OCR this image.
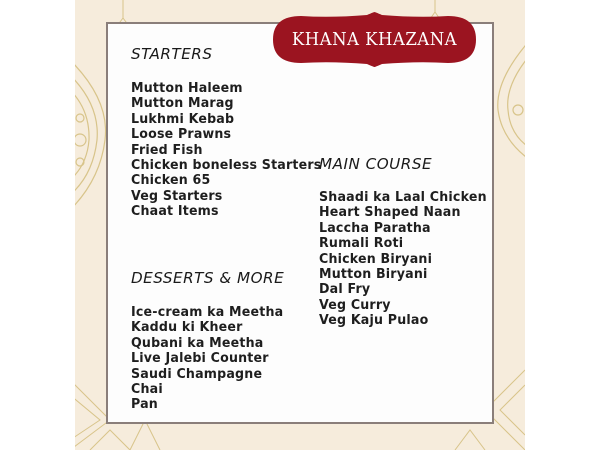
STARTERS
Mutton Haleem
Mutton Marag
Lukhmi Kebab
Loose Prawns
Fried Fish
Chicken boneless Starters
Chicken 65
Veg Starters
Chaat Items
MAIN COURSE
Shaadi ka Laal Chicken
Heart Shaped Naan
Laccha Paratha
Rumali Roti
Chicken Biryani
Mutton Biryani
Dal Fry
Veg Curry
Veg Kaju Pulao
DESSERTS & MORE
Ice-cream ka Meetha
Kaddu ki Kheer
Qubani ka Meetha
Live Jalebi Counter
Saudi Champagne
Chai
Pan
KHANA KHAZANA
